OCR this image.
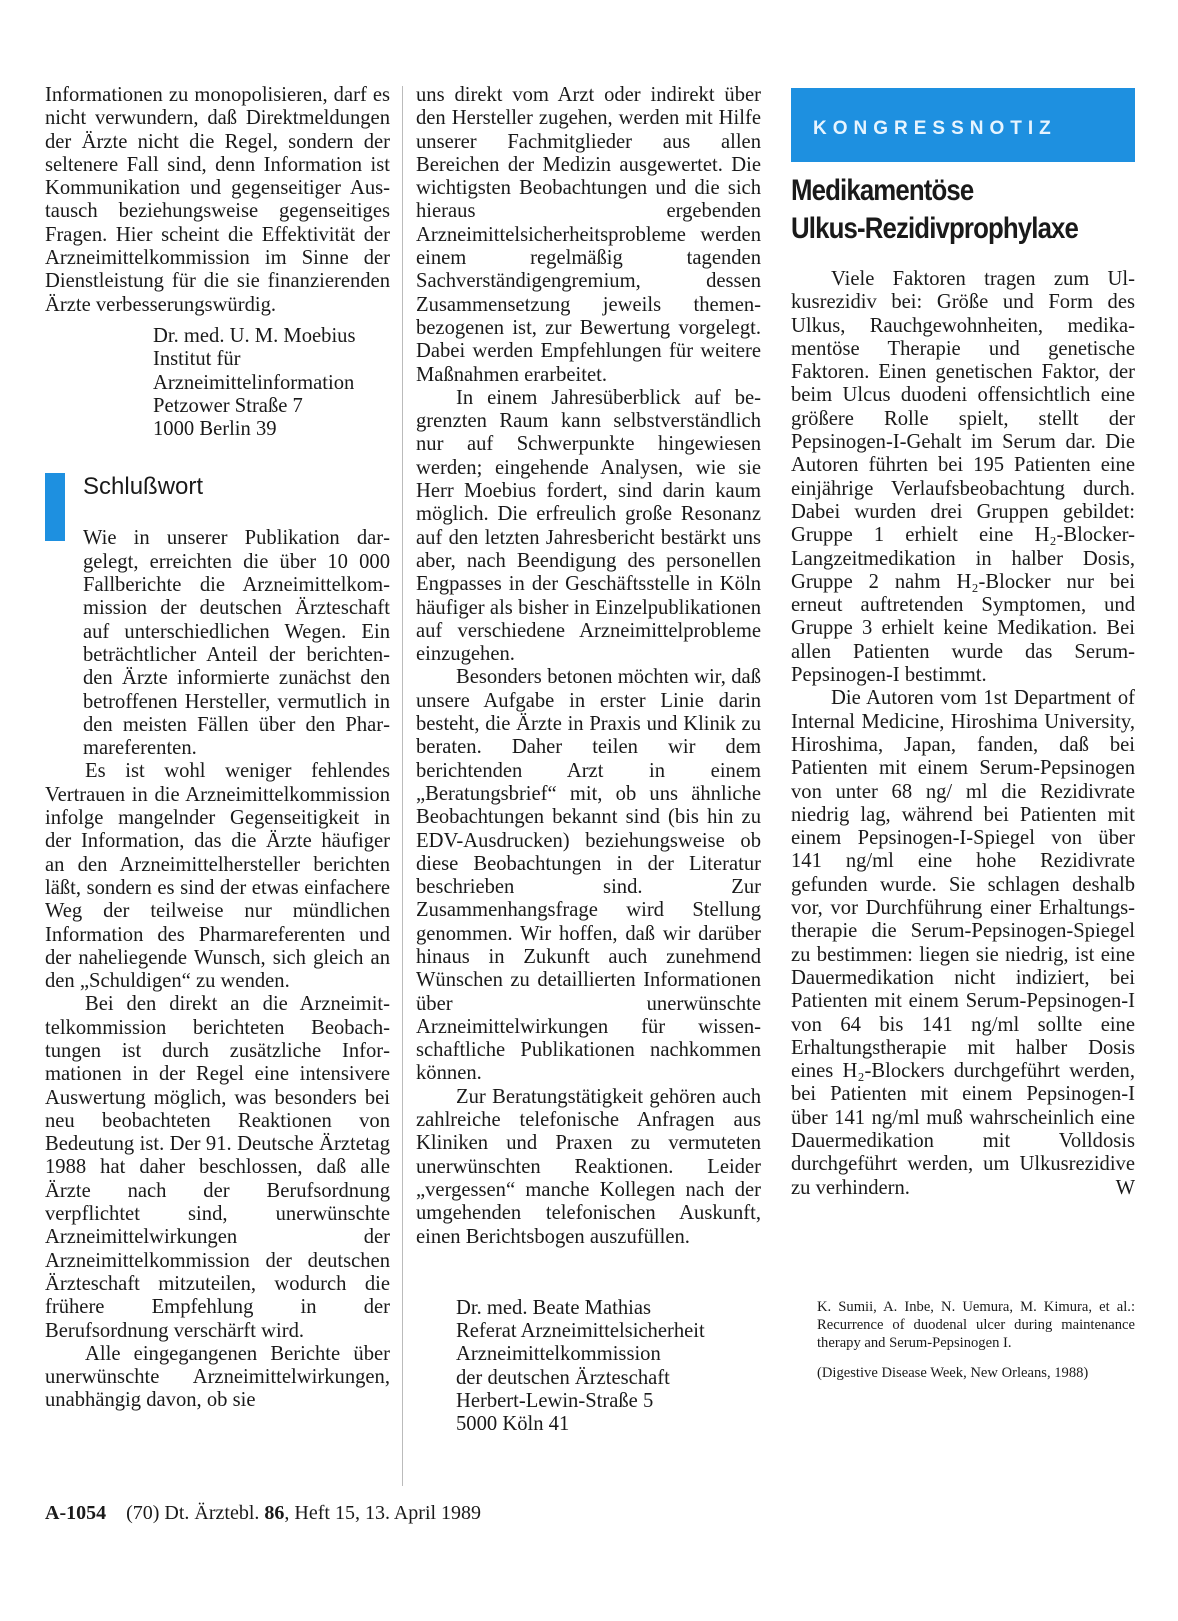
Informationen zu monopolisieren, darf es nicht verwundern, daß Direktmeldungen der Ärzte nicht die Regel, sondern der seltenere Fall sind, denn Information ist Kommunikation und gegenseitiger Austausch beziehungsweise gegenseitiges Fragen. Hier scheint die Effektivität der Arzneimittelkommission im Sinne der Dienstleistung für die sie finanzierenden Ärzte verbesserungswürdig.

Dr. med. U. M. Moebius
Institut für
Arzneimittelinformation
Petzower Straße 7
1000 Berlin 39
Schlußwort

Wie in unserer Publikation dargelegt, erreichten die über 10 000 Fallberichte die Arzneimittelkommission der deutschen Ärzteschaft auf unterschiedlichen Wegen. Ein beträchtlicher Anteil der berichtenden Ärzte informierte zunächst den betroffenen Hersteller, vermutlich in den meisten Fällen über den Pharmareferenten.

Es ist wohl weniger fehlendes Vertrauen in die Arzneimittelkommission infolge mangelnder Gegenseitigkeit in der Information, das die Ärzte häufiger an den Arzneimittelhersteller berichten läßt, sondern es sind der etwas einfachere Weg der teilweise nur mündlichen Information des Pharmareferenten und der naheliegende Wunsch, sich gleich an den „Schuldigen“ zu wenden.

Bei den direkt an die Arzneimittelkommission berichteten Beobachtungen ist durch zusätzliche Informationen in der Regel eine intensivere Auswertung möglich, was besonders bei neu beobachteten Reaktionen von Bedeutung ist. Der 91. Deutsche Ärztetag 1988 hat daher beschlossen, daß alle Ärzte nach der Berufsordnung verpflichtet sind, unerwünschte Arzneimittelwirkungen der Arzneimittelkommission der deutschen Ärzteschaft mitzuteilen, wodurch die frühere Empfehlung in der Berufsordnung verschärft wird.

Alle eingegangenen Berichte über unerwünschte Arzneimittelwirkungen, unabhängig davon, ob sie

uns direkt vom Arzt oder indirekt über den Hersteller zugehen, werden mit Hilfe unserer Fachmitglieder aus allen Bereichen der Medizin ausgewertet. Die wichtigsten Beobachtungen und die sich hieraus ergebenden Arzneimittelsicherheitsprobleme werden einem regelmäßig tagenden Sachverständigengremium, dessen Zusammensetzung jeweils themenbezogenen ist, zur Bewertung vorgelegt. Dabei werden Empfehlungen für weitere Maßnahmen erarbeitet.

In einem Jahresüberblick auf begrenzten Raum kann selbstverständlich nur auf Schwerpunkte hingewiesen werden; eingehende Analysen, wie sie Herr Moebius fordert, sind darin kaum möglich. Die erfreulich große Resonanz auf den letzten Jahresbericht bestärkt uns aber, nach Beendigung des personellen Engpasses in der Geschäftsstelle in Köln häufiger als bisher in Einzelpublikationen auf verschiedene Arzneimittelprobleme einzugehen.

Besonders betonen möchten wir, daß unsere Aufgabe in erster Linie darin besteht, die Ärzte in Praxis und Klinik zu beraten. Daher teilen wir dem berichtenden Arzt in einem „Beratungsbrief“ mit, ob uns ähnliche Beobachtungen bekannt sind (bis hin zu EDV-Ausdrucken) beziehungsweise ob diese Beobachtungen in der Literatur beschrieben sind. Zur Zusammenhangsfrage wird Stellung genommen. Wir hoffen, daß wir darüber hinaus in Zukunft auch zunehmend Wünschen zu detaillierten Informationen über unerwünschte Arzneimittelwirkungen für wissenschaftliche Publikationen nachkommen können.

Zur Beratungstätigkeit gehören auch zahlreiche telefonische Anfragen aus Kliniken und Praxen zu vermuteten unerwünschten Reaktionen. Leider „vergessen“ manche Kollegen nach der umgehenden telefonischen Auskunft, einen Berichtsbogen auszufüllen.

Dr. med. Beate Mathias
Referat Arzneimittelsicherheit
Arzneimittelkommission
der deutschen Ärzteschaft
Herbert-Lewin-Straße 5
5000 Köln 41
KONGRESSNOTIZ
Medikamentöse
Ulkus-Rezidivprophylaxe

Viele Faktoren tragen zum Ulkusrezidiv bei: Größe und Form des Ulkus, Rauchgewohnheiten, medikamentöse Therapie und genetische Faktoren. Einen genetischen Faktor, der beim Ulcus duodeni offensichtlich eine größere Rolle spielt, stellt der Pepsinogen-I-Gehalt im Serum dar. Die Autoren führten bei 195 Patienten eine einjährige Verlaufsbeobachtung durch. Dabei wurden drei Gruppen gebildet: Gruppe 1 erhielt eine H₂-Blocker-Langzeitmedikation in halber Dosis, Gruppe 2 nahm H₂-Blocker nur bei erneut auftretenden Symptomen, und Gruppe 3 erhielt keine Medikation. Bei allen Patienten wurde das Serum-Pepsinogen-I bestimmt.

Die Autoren vom 1st Department of Internal Medicine, Hiroshima University, Hiroshima, Japan, fanden, daß bei Patienten mit einem Serum-Pepsinogen von unter 68 ng/ ml die Rezidivrate niedrig lag, während bei Patienten mit einem Pepsinogen-I-Spiegel von über 141 ng/ml eine hohe Rezidivrate gefunden wurde. Sie schlagen deshalb vor, vor Durchführung einer Erhaltungstherapie die Serum-Pepsinogen-Spiegel zu bestimmen: liegen sie niedrig, ist eine Dauermedikation nicht indiziert, bei Patienten mit einem Serum-Pepsinogen-I von 64 bis 141 ng/ml sollte eine Erhaltungstherapie mit halber Dosis eines H₂-Blockers durchgeführt werden, bei Patienten mit einem Pepsinogen-I über 141 ng/ml muß wahrscheinlich eine Dauermedikation mit Volldosis durchgeführt werden, um Ulkusrezidive zu verhindern.	W

K. Sumii, A. Inbe, N. Uemura, M. Kimura, et al.: Recurrence of duodenal ulcer during maintenance therapy and Serum-Pepsinogen I.

(Digestive Disease Week, New Orleans, 1988)

A-1054 (70) Dt. Ärztebl. 86, Heft 15, 13. April 1989
